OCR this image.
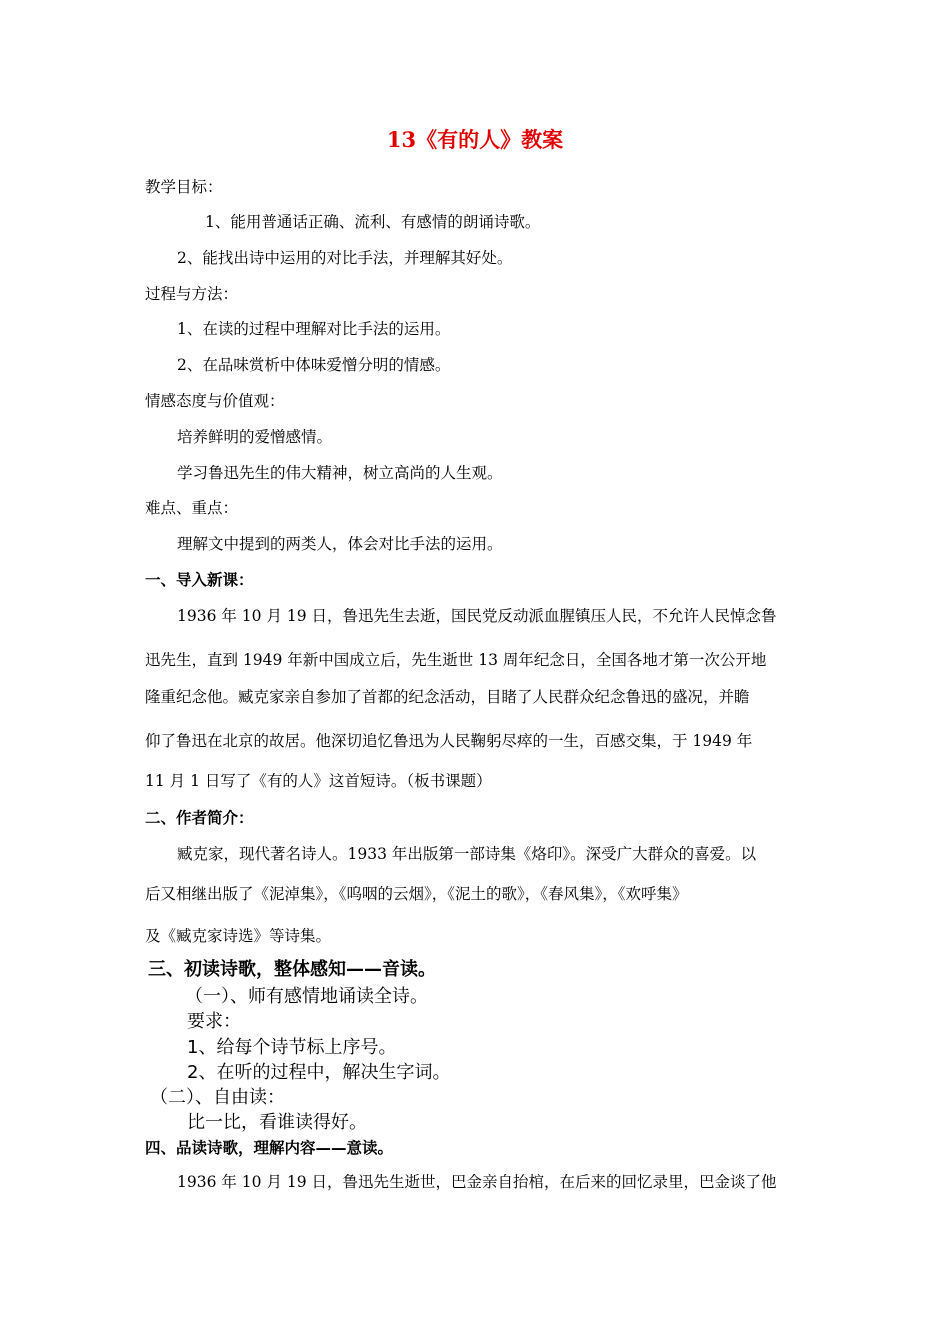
13《有的人》教案
教学目标：
1、能用普通话正确、流利、有感情的朗诵诗歌。
2、能找出诗中运用的对比手法，并理解其好处。
过程与方法：
1、在读的过程中理解对比手法的运用。
2、在品味赏析中体味爱憎分明的情感。
情感态度与价值观：
培养鲜明的爱憎感情。
学习鲁迅先生的伟大精神，树立高尚的人生观。
难点、重点：
理解文中提到的两类人，体会对比手法的运用。
一、导入新课：
1936 年 10 月 19 日，鲁迅先生去逝，国民党反动派血腥镇压人民，不允许人民悼念鲁
迅先生，直到 1949 年新中国成立后，先生逝世 13 周年纪念日，全国各地才第一次公开地
隆重纪念他。臧克家亲自参加了首都的纪念活动，目睹了人民群众纪念鲁迅的盛况，并瞻
仰了鲁迅在北京的故居。他深切追忆鲁迅为人民鞠躬尽瘁的一生，百感交集，于 1949 年
11 月 1 日写了《有的人》这首短诗。（板书课题）
二、作者简介：
臧克家，现代著名诗人。1933 年出版第一部诗集《烙印》。深受广大群众的喜爱。以
后又相继出版了《泥淖集》，《呜咽的云烟》，《泥土的歌》，《春风集》，《欢呼集》
及《臧克家诗选》等诗集。
三、初读诗歌，整体感知——音读。
（一）、师有感情地诵读全诗。
要求：
1、给每个诗节标上序号。
2、在听的过程中，解决生字词。
（二）、自由读：
比一比，看谁读得好。
四、品读诗歌，理解内容——意读。
1936 年 10 月 19 日，鲁迅先生逝世，巴金亲自抬棺，在后来的回忆录里，巴金谈了他
